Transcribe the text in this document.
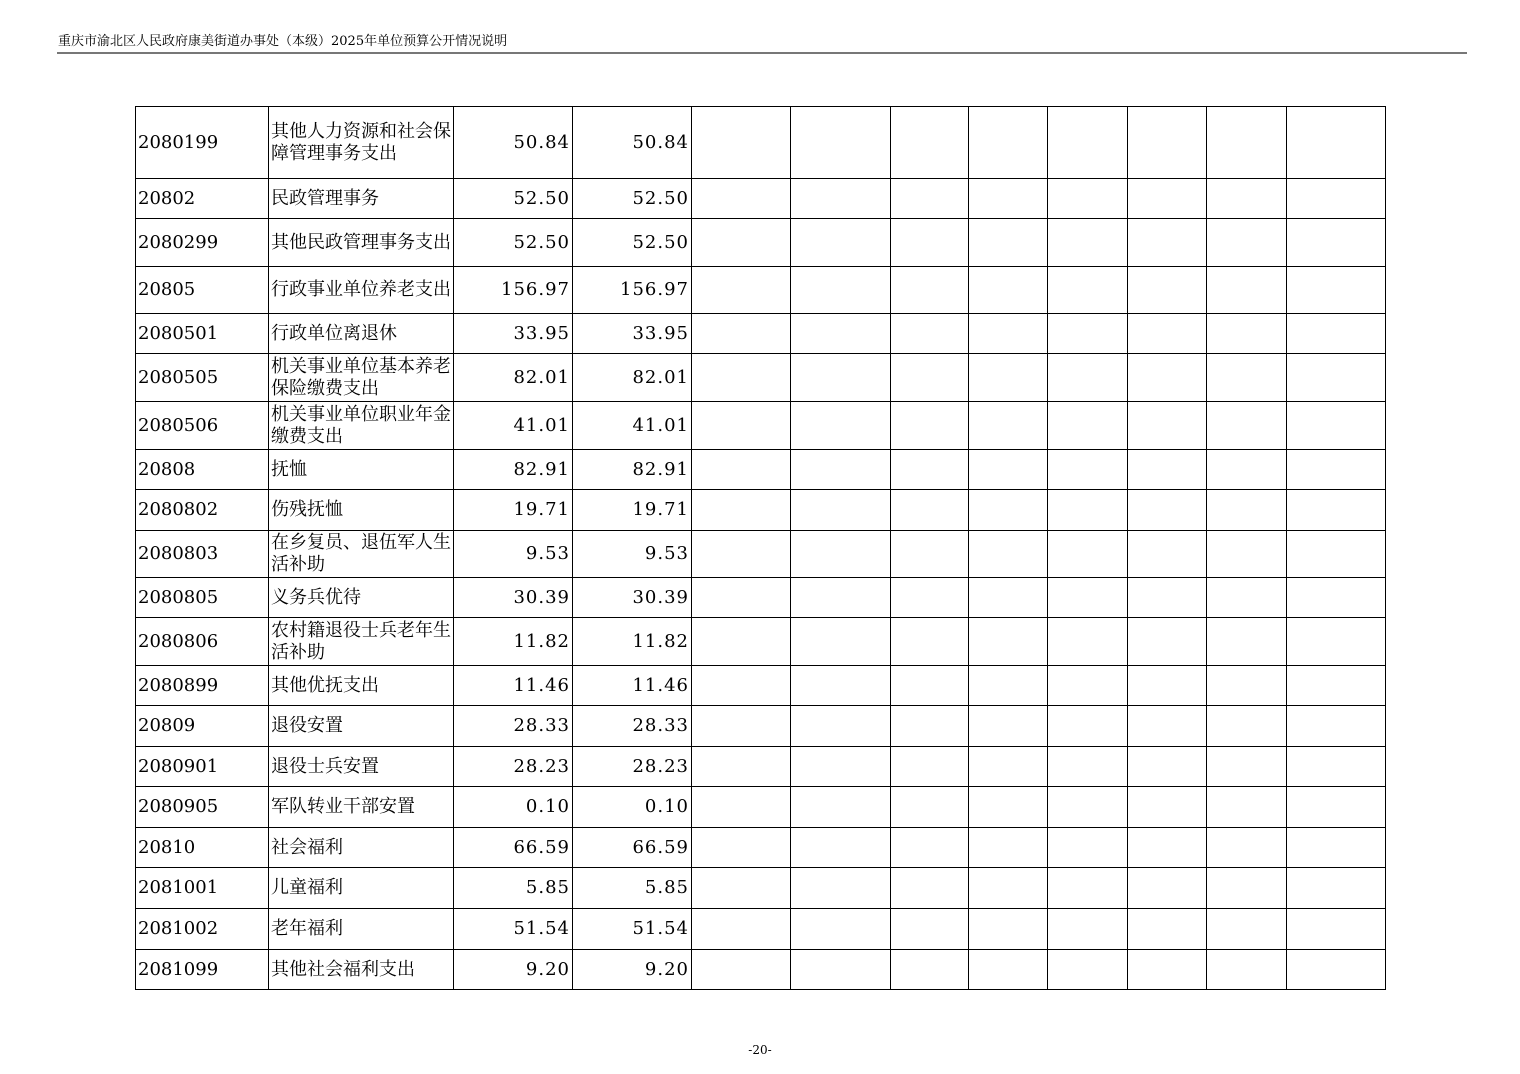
重庆市渝北区人民政府康美街道办事处（本级）2025年单位预算公开情况说明
2080199	其他人力资源和社会保障管理事务支出	50.84	50.84								
20802	民政管理事务	52.50	52.50								
2080299	其他民政管理事务支出	52.50	52.50								
20805	行政事业单位养老支出	156.97	156.97								
2080501	行政单位离退休	33.95	33.95								
2080505	机关事业单位基本养老保险缴费支出	82.01	82.01								
2080506	机关事业单位职业年金缴费支出	41.01	41.01								
20808	抚恤	82.91	82.91								
2080802	伤残抚恤	19.71	19.71								
2080803	在乡复员、退伍军人生活补助	9.53	9.53								
2080805	义务兵优待	30.39	30.39								
2080806	农村籍退役士兵老年生活补助	11.82	11.82								
2080899	其他优抚支出	11.46	11.46								
20809	退役安置	28.33	28.33								
2080901	退役士兵安置	28.23	28.23								
2080905	军队转业干部安置	0.10	0.10								
20810	社会福利	66.59	66.59								
2081001	儿童福利	5.85	5.85								
2081002	老年福利	51.54	51.54								
2081099	其他社会福利支出	9.20	9.20								
-20-
